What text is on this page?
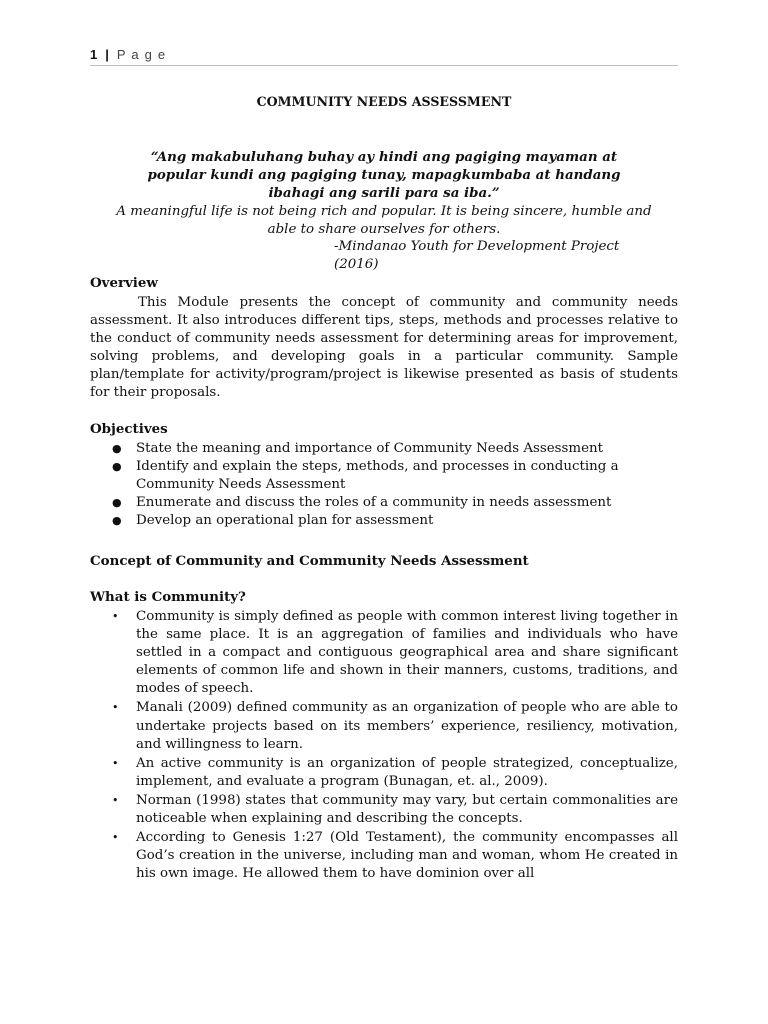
1 | P a g e
COMMUNITY NEEDS ASSESSMENT
“Ang makabuluhang buhay ay hindi ang pagiging mayaman at
popular kundi ang pagiging tunay, mapagkumbaba at handang
ibahagi ang sarili para sa iba.”
A meaningful life is not being rich and popular. It is being sincere, humble and
able to share ourselves for others.
-Mindanao Youth for Development Project
(2016)
Overview
This Module presents the concept of community and community needs assessment. It also introduces different tips, steps, methods and processes relative to the conduct of community needs assessment for determining areas for improvement, solving problems, and developing goals in a particular community. Sample plan/template for activity/program/project is likewise presented as basis of students for their proposals.
Objectives
● State the meaning and importance of Community Needs Assessment
● Identify and explain the steps, methods, and processes in conducting a Community Needs Assessment
● Enumerate and discuss the roles of a community in needs assessment
● Develop an operational plan for assessment
Concept of Community and Community Needs Assessment
What is Community?
• Community is simply defined as people with common interest living together in the same place. It is an aggregation of families and individuals who have settled in a compact and contiguous geographical area and share significant elements of common life and shown in their manners, customs, traditions, and modes of speech.
• Manali (2009) defined community as an organization of people who are able to undertake projects based on its members’ experience, resiliency, motivation, and willingness to learn.
• An active community is an organization of people strategized, conceptualize, implement, and evaluate a program (Bunagan, et. al., 2009).
• Norman (1998) states that community may vary, but certain commonalities are noticeable when explaining and describing the concepts.
• According to Genesis 1:27 (Old Testament), the community encompasses all God’s creation in the universe, including man and woman, whom He created in his own image. He allowed them to have dominion over all
